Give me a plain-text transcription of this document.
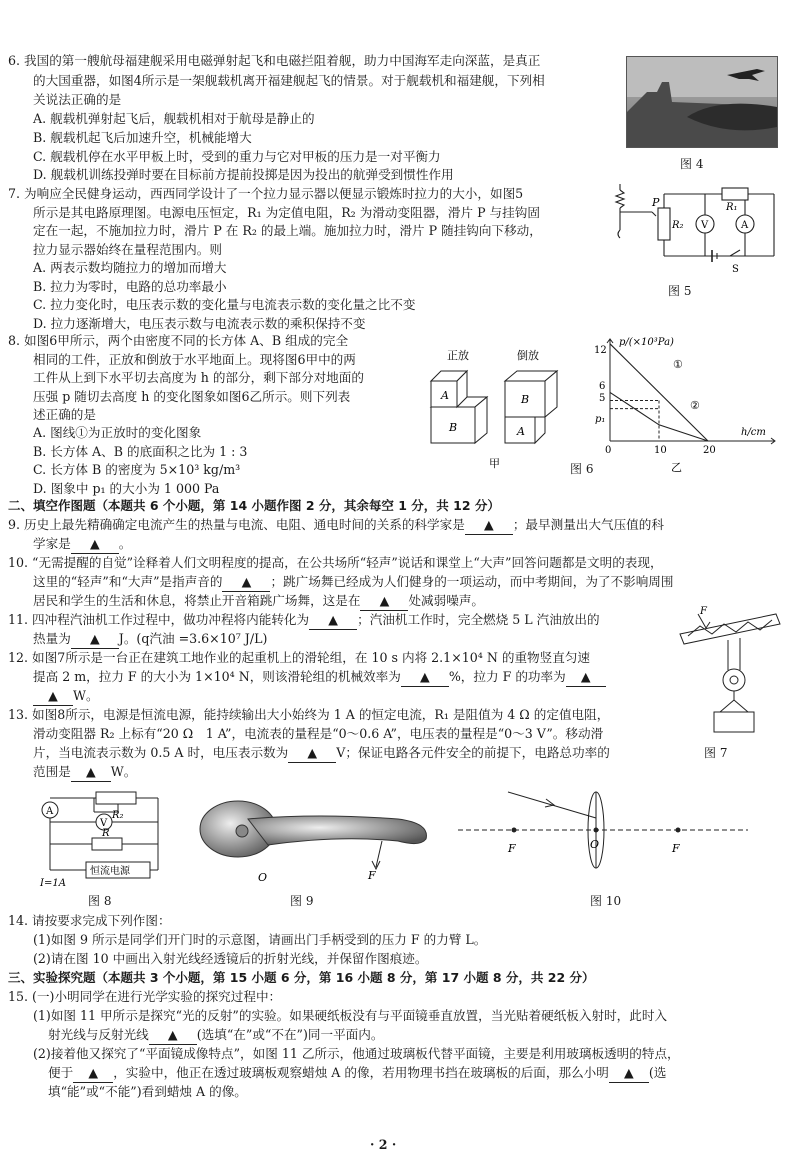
6. 我国的第一艘航母福建舰采用电磁弹射起飞和电磁拦阻着舰，助力中国海军走向深蓝，是真正
的大国重器，如图4所示是一架舰载机离开福建舰起飞的情景。对于舰载机和福建舰，下列相
关说法正确的是
A. 舰载机弹射起飞后，舰载机相对于航母是静止的
B. 舰载机起飞后加速升空，机械能增大
C. 舰载机停在水平甲板上时，受到的重力与它对甲板的压力是一对平衡力
D. 舰载机训练投弹时要在目标前方提前投掷是因为投出的航弹受到惯性作用
图 4
7. 为响应全民健身运动，西西同学设计了一个拉力显示器以便显示锻炼时拉力的大小，如图5
所示是其电路原理图。电源电压恒定，R₁ 为定值电阻，R₂ 为滑动变阻器，滑片 P 与挂钩固
定在一起，不施加拉力时，滑片 P 在 R₂ 的最上端。施加拉力时，滑片 P 随挂钩向下移动，
拉力显示器始终在量程范围内。则
A. 两表示数均随拉力的增加而增大
B. 拉力为零时，电路的总功率最小
C. 拉力变化时，电压表示数的变化量与电流表示数的变化量之比不变
D. 拉力逐渐增大，电压表示数与电流表示数的乘积保持不变
P
R₂
R₁
V	A
S
图 5
8. 如图6甲所示，两个由密度不同的长方体 A、B 组成的完全
相同的工件，正放和倒放于水平地面上。现将图6甲中的两
工件从上到下水平切去高度为 h 的部分，剩下部分对地面的
压强 p 随切去高度 h 的变化图象如图6乙所示。则下列表
述正确的是
A. 图线①为正放时的变化图象
B. 长方体 A、B 的底面积之比为 1 : 3
C. 长方体 B 的密度为 5×10³ kg/m³
D. 图象中 p₁ 的大小为 1 000 Pa
正放	倒放
A
B
B
A
甲
p/(×10³Pa)
h/cm
12
6
5
p₁
0	10	20
①
②
乙
图 6
二、填空作图题（本题共 6 个小题，第 14 小题作图 2 分，其余每空 1 分，共 12 分）
9. 历史上最先精确确定电流产生的热量与电流、电阻、通电时间的关系的科学家是 ▲ ；最早测量出大气压值的科
学家是 ▲ 。
10. “无需提醒的自觉”诠释着人们文明程度的提高，在公共场所“轻声”说话和课堂上“大声”回答问题都是文明的表现，
这里的“轻声”和“大声”是指声音的 ▲ ；跳广场舞已经成为人们健身的一项运动，而中考期间，为了不影响周围
居民和学生的生活和休息，将禁止开音箱跳广场舞，这是在 ▲ 处减弱噪声。
11. 四冲程汽油机工作过程中，做功冲程将内能转化为 ▲ ；汽油机工作时，完全燃烧 5 L 汽油放出的
热量为 ▲ J。(q汽油 =3.6×10⁷ J/L)
12. 如图7所示是一台正在建筑工地作业的起重机上的滑轮组，在 10 s 内将 2.1×10⁴ N 的重物竖直匀速
提高 2 m，拉力 F 的大小为 1×10⁴ N，则该滑轮组的机械效率为 ▲ %，拉力 F 的功率为 ▲
▲ W。
F
图 7
13. 如图8所示，电源是恒流电源，能持续输出大小始终为 1 A 的恒定电流，R₁ 是阻值为 4 Ω 的定值电阻，
滑动变阻器 R₂ 上标有“20 Ω　1 A”，电流表的量程是“0～0.6 A”，电压表的量程是“0～3 V”。移动滑
片，当电流表示数为 0.5 A 时，电压表示数为 ▲ V；保证电路各元件安全的前提下，电路总功率的
范围是 ▲ W。
A
V
R₂
R
恒流电源
I=1A
图 8
O	F
图 9
F	O	F
图 10
14. 请按要求完成下列作图：
(1)如图 9 所示是同学们开门时的示意图，请画出门手柄受到的压力 F 的力臂 L。
(2)请在图 10 中画出入射光线经透镜后的折射光线，并保留作图痕迹。
三、实验探究题（本题共 3 个小题，第 15 小题 6 分，第 16 小题 8 分，第 17 小题 8 分，共 22 分）
15. (一)小明同学在进行光学实验的探究过程中：
(1)如图 11 甲所示是探究“光的反射”的实验。如果硬纸板没有与平面镜垂直放置，当光贴着硬纸板入射时，此时入
射光线与反射光线 ▲ (选填“在”或“不在”)同一平面内。
(2)接着他又探究了“平面镜成像特点”，如图 11 乙所示，他通过玻璃板代替平面镜，主要是利用玻璃板透明的特点，
便于 ▲ ，实验中，他正在透过玻璃板观察蜡烛 A 的像，若用物理书挡在玻璃板的后面，那么小明 ▲ (选
填“能”或“不能”)看到蜡烛 A 的像。
· 2 ·
